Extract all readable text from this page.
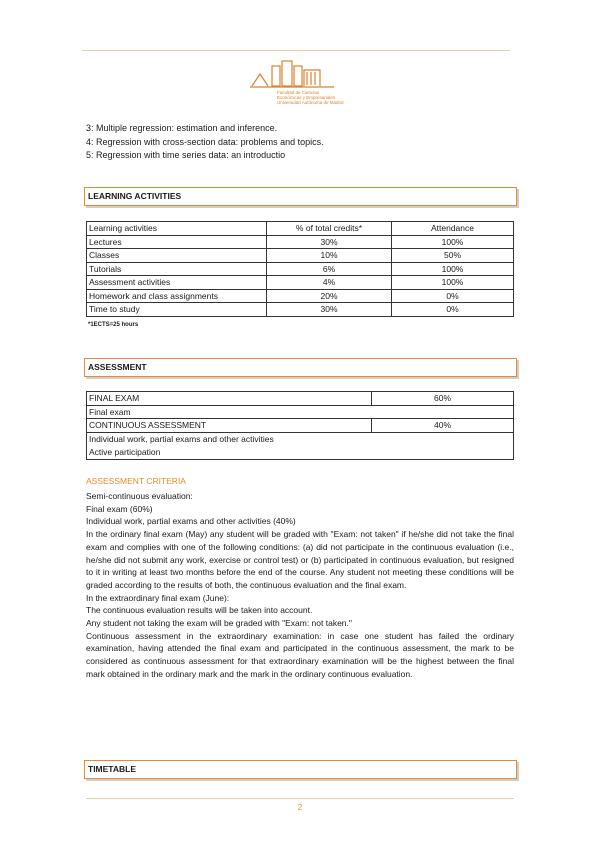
Facultad de Ciencias
Económicas y Empresariales
Universidad Autónoma de Madrid
3: Multiple regression: estimation and inference.
4: Regression with cross-section data: problems and topics.
5: Regression with time series data: an introductio
LEARNING ACTIVITIES
Learning activities	% of total credits*	Attendance
Lectures	30%	100%
Classes	10%	50%
Tutorials	6%	100%
Assessment activities	4%	100%
Homework and class assignments	20%	0%
Time to study	30%	0%
*1ECTS=25 hours
ASSESSMENT
FINAL EXAM	60%
Final exam	
CONTINUOUS ASSESSMENT	40%

Individual work, partial exams and other activities
Active participation	
ASSESSMENT CRITERIA

Semi-continuous evaluation:

Final exam (60%)

Individual work, partial exams and other activities (40%)

In the ordinary final exam (May) any student will be graded with "Exam: not taken" if he/she did not take the final exam and complies with one of the following conditions: (a) did not participate in the continuous evaluation (i.e., he/she did not submit any work, exercise or control test) or (b) participated in continuous evaluation, but resigned to it in writing at least two months before the end of the course. Any student not meeting these conditions will be graded according to the results of both, the continuous evaluation and the final exam.

In the extraordinary final exam (June):

The continuous evaluation results will be taken into account.

Any student not taking the exam will be graded with "Exam: not taken."

Continuous assessment in the extraordinary examination: in case one student has failed the ordinary examination, having attended the final exam and participated in the continuous assessment, the mark to be considered as continuous assessment for that extraordinary examination will be the highest between the final mark obtained in the ordinary mark and the mark in the ordinary continuous evaluation.

TIMETABLE
2
